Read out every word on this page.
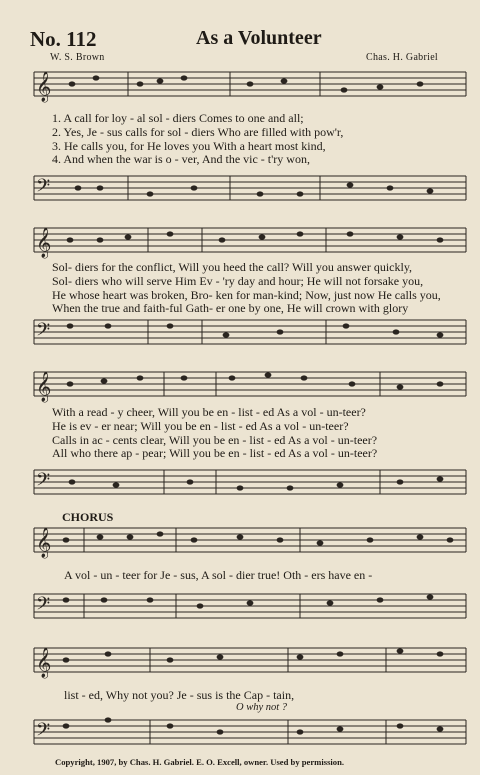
No. 112	As a Volunteer
W. S. Brown	Chas. H. Gabriel
𝄞
1. A call for loy - al sol - diers Comes to one and all;
2. Yes, Je - sus calls for sol - diers Who are filled with pow'r,
3. He calls you, for He loves you With a heart most kind,
4. And when the war is o - ver, And the vic - t'ry won,
𝄢
𝄞
Sol- diers for the conflict, Will you heed the call? Will you answer quickly,
Sol- diers who will serve Him Ev - 'ry day and hour; He will not forsake you,
He whose heart was broken, Bro- ken for man-kind; Now, just now He calls you,
When the true and faith-ful Gath- er one by one, He will crown with glory
𝄢
𝄞
With a read - y cheer, Will you be en - list - ed As a vol - un-teer?
He is ev - er near; Will you be en - list - ed As a vol - un-teer?
Calls in ac - cents clear, Will you be en - list - ed As a vol - un-teer?
All who there ap - pear; Will you be en - list - ed As a vol - un-teer?
𝄢
CHORUS
𝄞
A vol - un - teer for Je - sus, A sol - dier true! Oth - ers have en -
𝄢
𝄞
list - ed, Why not you? Je - sus is the Cap - tain,
O why not ?
𝄢
Copyright, 1907, by Chas. H. Gabriel. E. O. Excell, owner. Used by permission.
